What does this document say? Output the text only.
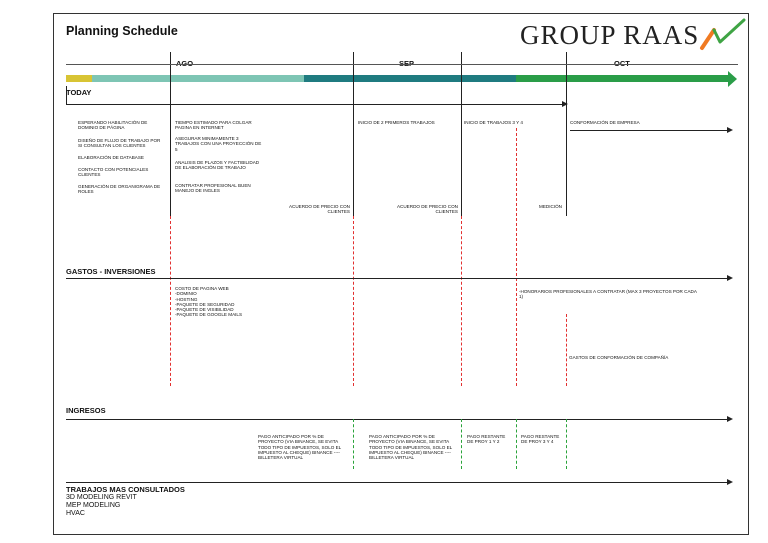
Planning Schedule	GROUP RAAS
AGO	SEP	OCT
TODAY
ESPERANDO HABILITACIÓN DE DOMINIO DE PÁGINA
DISEÑO DE FLUJO DE TRABAJO POR SI CONSULTAN LOS CLIENTES
ELABORACIÓN DE DATABASE
CONTACTO CON POTENCIALES CLIENTES
GENERACIÓN DE ORGANIGRAMA DE ROLES
TIEMPO ESTIMADO PARA COLGAR PAGINA EN INTERNET
ASEGURAR MINIMAMENTE 3 TRABAJOS CON UNA PROYECCIÓN DE 5
ANALISIS DE PLAZOS Y FACTIBILIDAD DE ELABORACIÓN DE TRABAJO
CONTRATAR PROFESIONAL BUEN MANEJO DE INGLES
ACUERDO DE PRECIO CON CLIENTES
INICIO DE 2 PRIMEROS TRABAJOS
ACUERDO DE PRECIO CON CLIENTES
INICIO DE TRABAJOS 3 Y 4	CONFORMACIÓN DE EMPRESA
MEDICIÓN
GASTOS - INVERSIONES
COSTO DE PAGINA WEB
-DOMINIO
-HOSTING
-PAQUETE DE SEGURIDAD
-PAQUETE DE VISIBILIDAD
-PAQUETE DE GOOGLE MAILS
-HONORARIOS PROFESIONALES A CONTRATAR (MAX 3 PROYECTOS POR CADA 1)
GASTOS DE CONFORMACIÓN DE COMPAÑÍA
INGRESOS
PAGO ANTICIPADO POR % DE PROYECTO (VIA BINANCE, SE EVITA TODO TIPO DE IMPUESTOS, SOLO EL IMPUESTO AL CHEQUE) BINANCE ---- BILLETERA VIRTUAL
PAGO ANTICIPADO POR % DE PROYECTO (VIA BINANCE, SE EVITA TODO TIPO DE IMPUESTOS, SOLO EL IMPUESTO AL CHEQUE) BINANCE ---- BILLETERA VIRTUAL
PAGO RESTANTE DE PROY 1 Y 2
PAGO RESTANTE DE PROY 3 Y 4
TRABAJOS MAS CONSULTADOS
3D MODELING REVIT
MEP MODELING
HVAC
